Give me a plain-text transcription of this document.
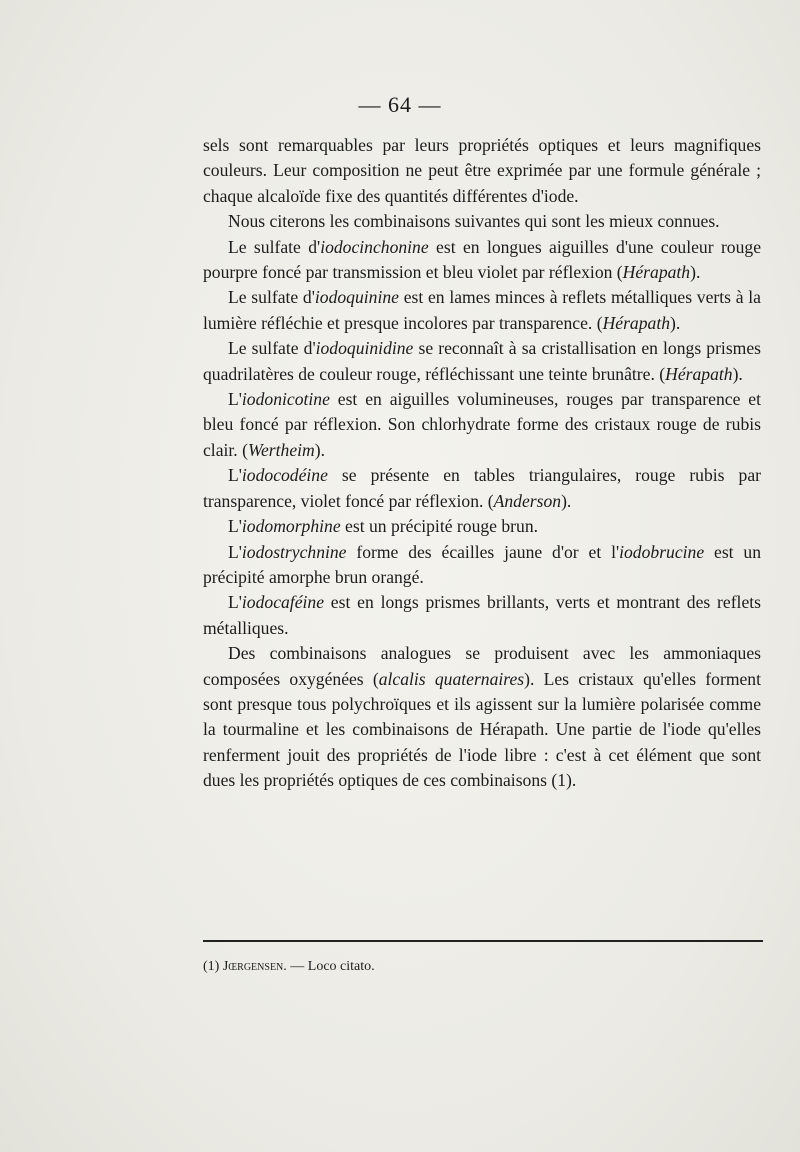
— 64 —

sels sont remarquables par leurs propriétés optiques et leurs magnifiques couleurs. Leur composition ne peut être exprimée par une formule générale ; chaque alcaloïde fixe des quantités différentes d'iode.

Nous citerons les combinaisons suivantes qui sont les mieux connues.

Le sulfate d'iodocinchonine est en longues aiguilles d'une couleur rouge pourpre foncé par transmission et bleu violet par réflexion (Hérapath).

Le sulfate d'iodoquinine est en lames minces à reflets métalliques verts à la lumière réfléchie et presque incolores par transparence. (Hérapath).

Le sulfate d'iodoquinidine se reconnaît à sa cristallisation en longs prismes quadrilatères de couleur rouge, réfléchissant une teinte brunâtre. (Hérapath).

L'iodonicotine est en aiguilles volumineuses, rouges par transparence et bleu foncé par réflexion. Son chlorhydrate forme des cristaux rouge de rubis clair. (Wertheim).

L'iodocodéine se présente en tables triangulaires, rouge rubis par transparence, violet foncé par réflexion. (Anderson).

L'iodomorphine est un précipité rouge brun.

L'iodostrychnine forme des écailles jaune d'or et l'iodobrucine est un précipité amorphe brun orangé.

L'iodocaféine est en longs prismes brillants, verts et montrant des reflets métalliques.

Des combinaisons analogues se produisent avec les ammoniaques composées oxygénées (alcalis quaternaires). Les cristaux qu'elles forment sont presque tous polychroïques et ils agissent sur la lumière polarisée comme la tourmaline et les combinaisons de Hérapath. Une partie de l'iode qu'elles renferment jouit des propriétés de l'iode libre : c'est à cet élément que sont dues les propriétés optiques de ces combinaisons (1).

(1) Jœrgensen. — Loco citato.
